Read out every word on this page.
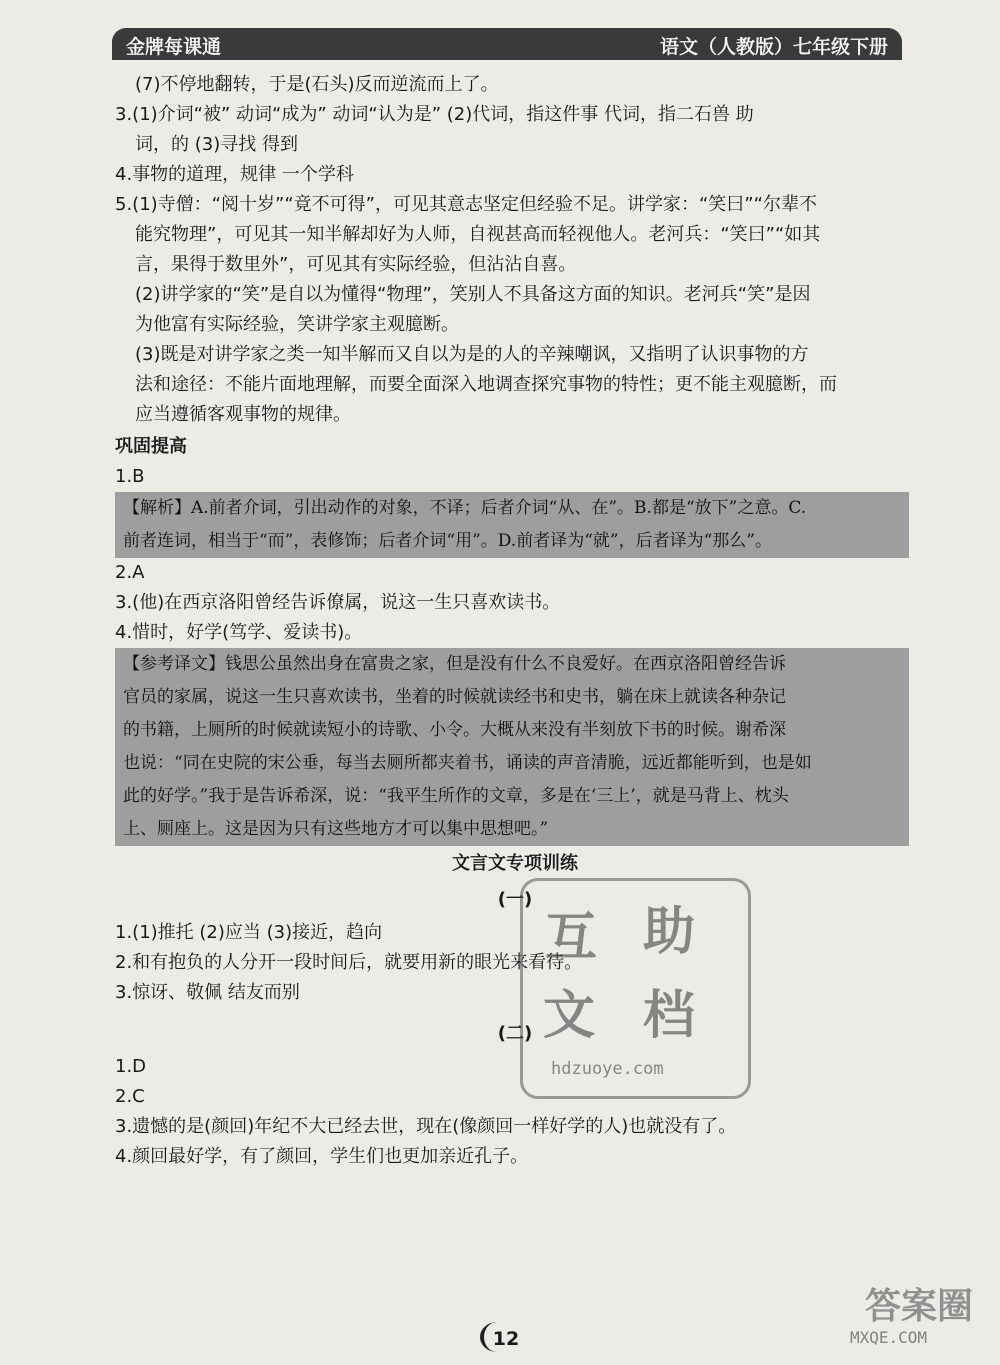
金牌每课通	语文（人教版）七年级下册
(7)不停地翻转，于是(石头)反而逆流而上了。
3.(1)介词“被” 动词“成为” 动词“认为是” (2)代词，指这件事 代词，指二石兽 助
词，的 (3)寻找 得到
4.事物的道理，规律 一个学科
5.(1)寺僧：“阅十岁”“竟不可得”，可见其意志坚定但经验不足。讲学家：“笑曰”“尔辈不
能究物理”，可见其一知半解却好为人师，自视甚高而轻视他人。老河兵：“笑曰”“如其
言，果得于数里外”，可见其有实际经验，但沾沾自喜。
(2)讲学家的“笑”是自以为懂得“物理”，笑别人不具备这方面的知识。老河兵“笑”是因
为他富有实际经验，笑讲学家主观臆断。
(3)既是对讲学家之类一知半解而又自以为是的人的辛辣嘲讽，又指明了认识事物的方
法和途径：不能片面地理解，而要全面深入地调查探究事物的特性；更不能主观臆断，而
应当遵循客观事物的规律。
巩固提高
1.B
【解析】A.前者介词，引出动作的对象，不译；后者介词“从、在”。B.都是“放下”之意。C.
前者连词，相当于“而”，表修饰；后者介词“用”。D.前者译为“就”，后者译为“那么”。
2.A
3.(他)在西京洛阳曾经告诉僚属，说这一生只喜欢读书。
4.惜时，好学(笃学、爱读书)。
【参考译文】钱思公虽然出身在富贵之家，但是没有什么不良爱好。在西京洛阳曾经告诉
官员的家属，说这一生只喜欢读书，坐着的时候就读经书和史书，躺在床上就读各种杂记
的书籍，上厕所的时候就读短小的诗歌、小令。大概从来没有半刻放下书的时候。谢希深
也说：“同在史院的宋公垂，每当去厕所都夹着书，诵读的声音清脆，远近都能听到，也是如
此的好学。”我于是告诉希深，说：“我平生所作的文章，多是在‘三上’，就是马背上、枕头
上、厕座上。这是因为只有这些地方才可以集中思想吧。”
文言文专项训练
(一)
1.(1)推托 (2)应当 (3)接近，趋向
2.和有抱负的人分开一段时间后，就要用新的眼光来看待。
3.惊讶、敬佩 结友而别
(二)
1.D
2.C
3.遗憾的是(颜回)年纪不大已经去世，现在(像颜回一样好学的人)也就没有了。
4.颜回最好学，有了颜回，学生们也更加亲近孔子。
互 助
文 档
hdzuoye.com
12
答案圈
MXQE.COM
